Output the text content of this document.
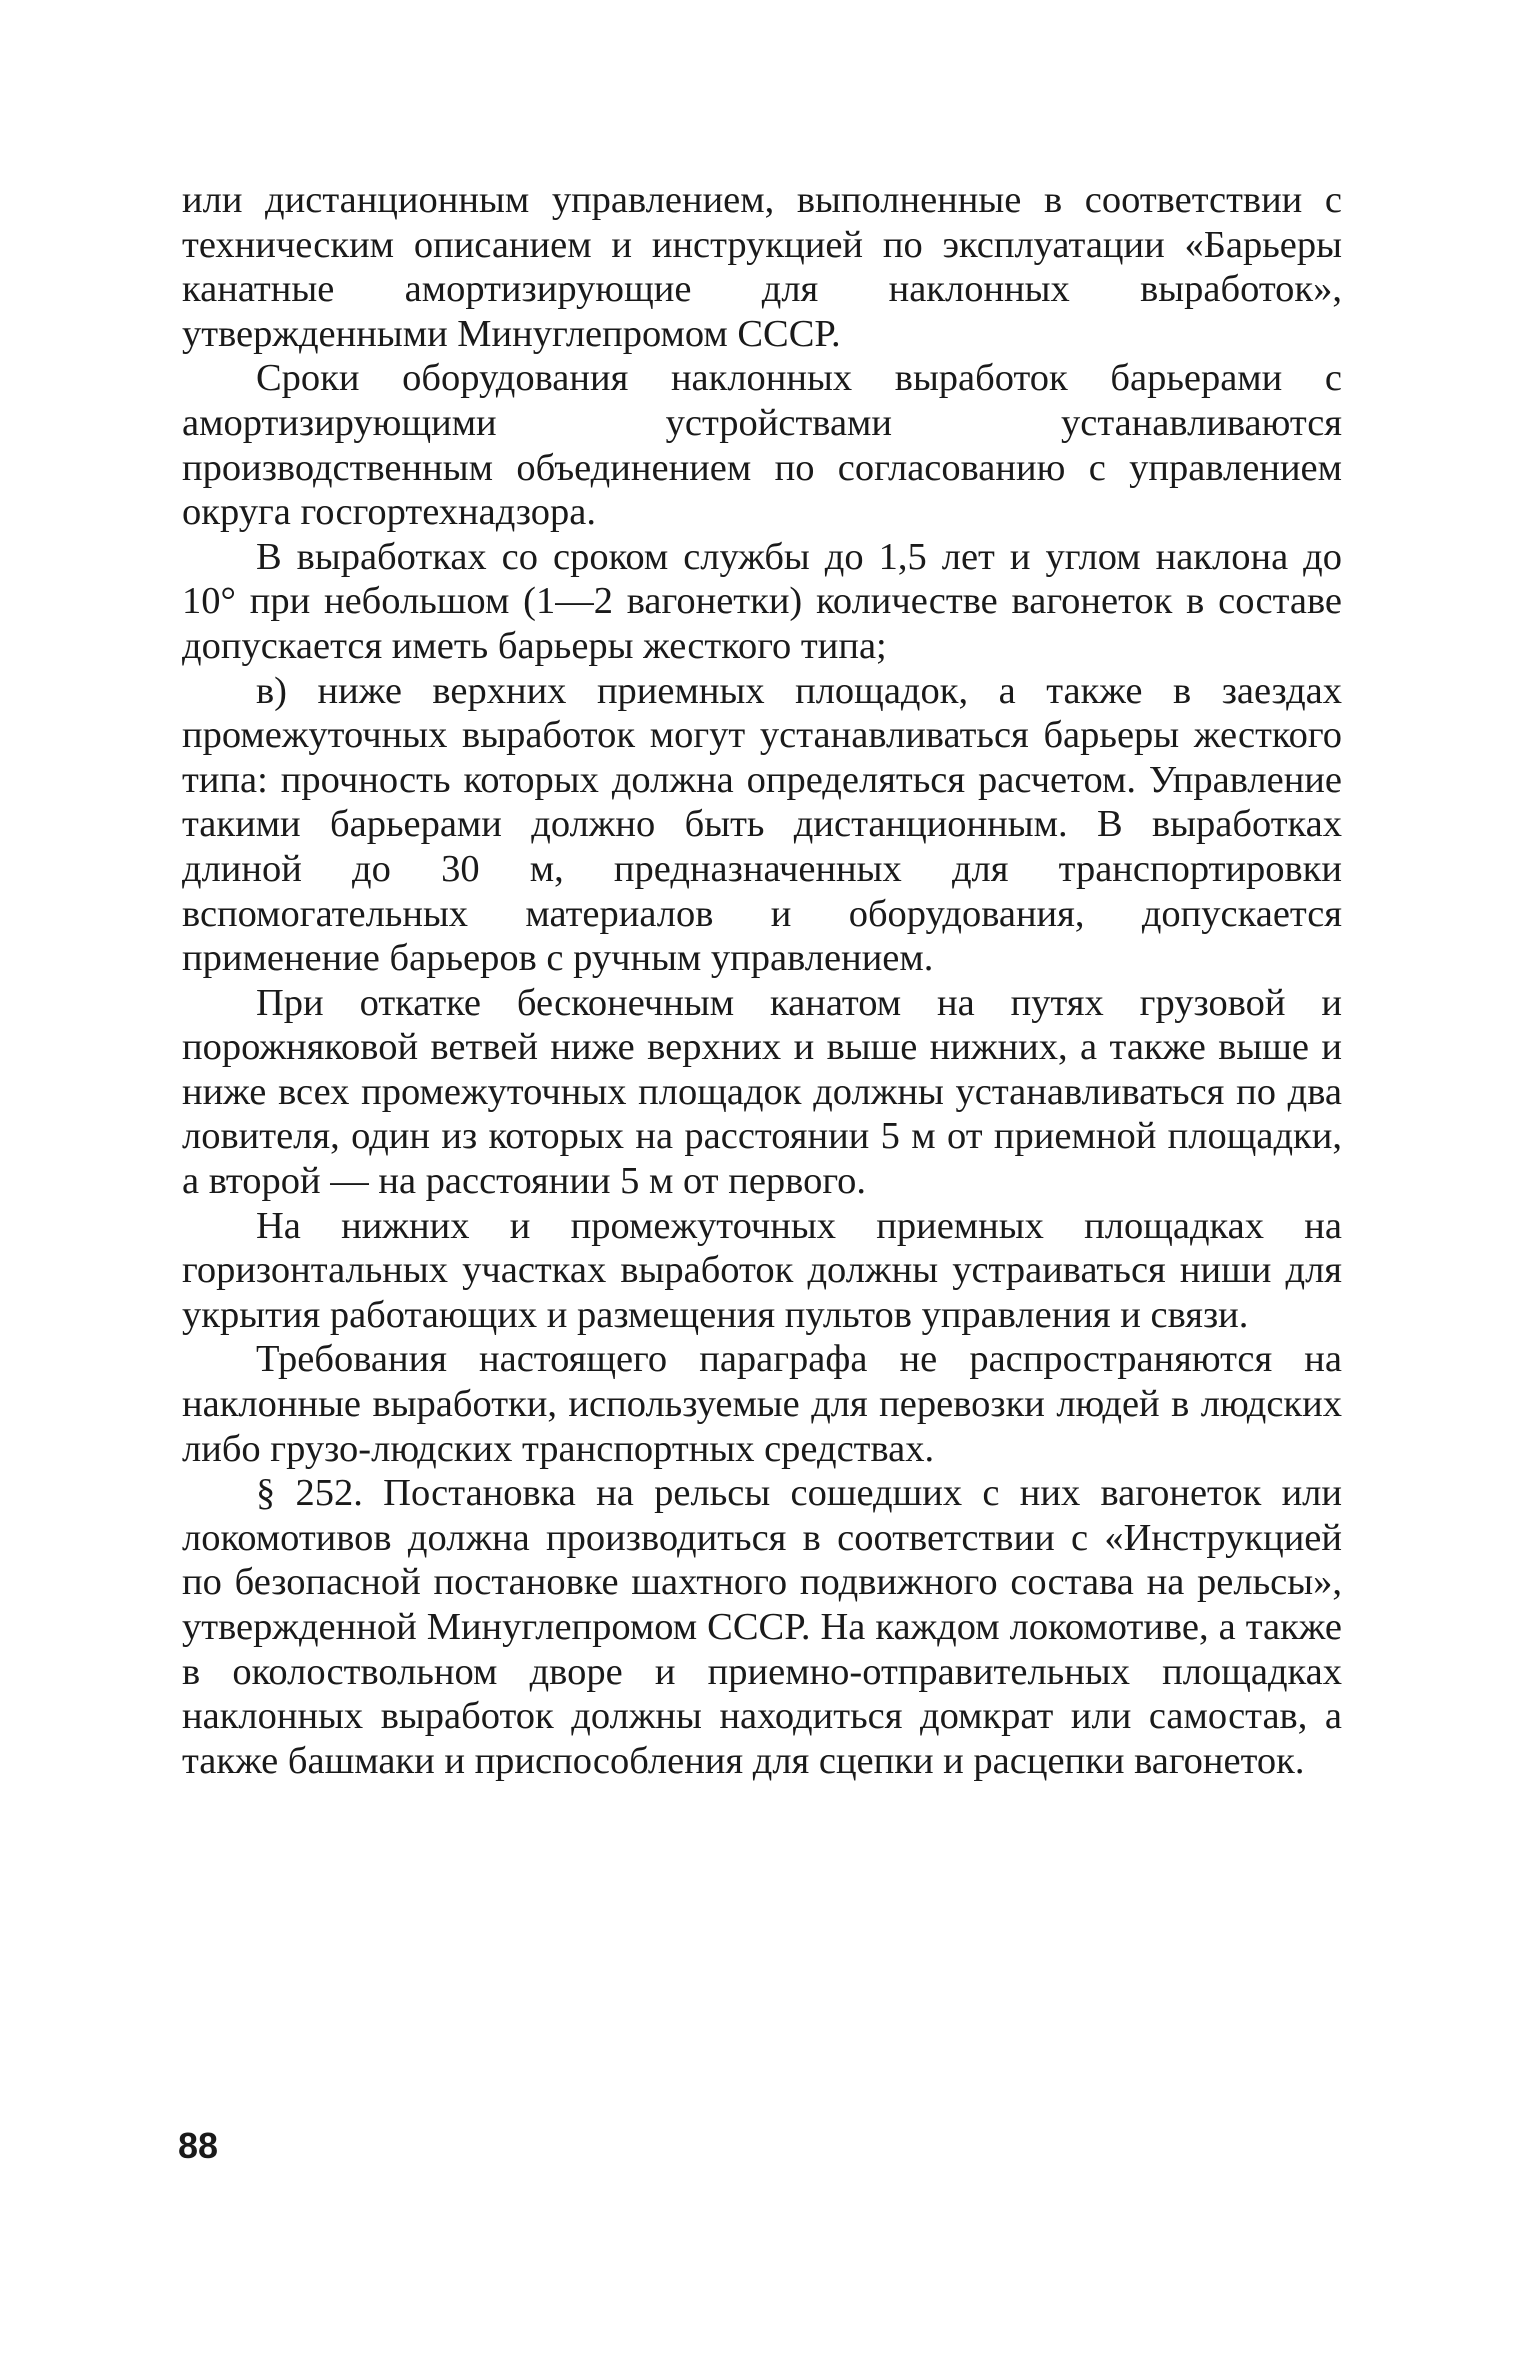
или дистанционным управлением, выполненные в соответствии с техническим описанием и инструкцией по эксплуатации «Барьеры канатные амортизирующие для наклонных выработок», утвержденными Минуглепромом СССР.

Сроки оборудования наклонных выработок барьерами с амортизирующими устройствами устанавливаются производственным объединением по согласованию с управлением округа госгортехнадзора.

В выработках со сроком службы до 1,5 лет и углом наклона до 10° при небольшом (1—2 вагонетки) количестве вагонеток в составе допускается иметь барьеры жесткого типа;

в) ниже верхних приемных площадок, а также в заездах промежуточных выработок могут устанавливаться барьеры жесткого типа: прочность которых должна определяться расчетом. Управление такими барьерами должно быть дистанционным. В выработках длиной до 30 м, предназначенных для транспортировки вспомогательных материалов и оборудования, допускается применение барьеров с ручным управлением.

При откатке бесконечным канатом на путях грузовой и порожняковой ветвей ниже верхних и выше нижних, а также выше и ниже всех промежуточных площадок должны устанавливаться по два ловителя, один из которых на расстоянии 5 м от приемной площадки, а второй — на расстоянии 5 м от первого.

На нижних и промежуточных приемных площадках на горизонтальных участках выработок должны устраиваться ниши для укрытия работающих и размещения пультов управления и связи.

Требования настоящего параграфа не распространяются на наклонные выработки, используемые для перевозки людей в людских либо грузо-людских транспортных средствах.

§ 252. Постановка на рельсы сошедших с них вагонеток или локомотивов должна производиться в соответствии с «Инструкцией по безопасной постановке шахтного подвижного состава на рельсы», утвержденной Минуглепромом СССР. На каждом локомотиве, а также в околоствольном дворе и приемно-отправительных площадках наклонных выработок должны находиться домкрат или самостав, а также башмаки и приспособления для сцепки и расцепки вагонеток.

88
